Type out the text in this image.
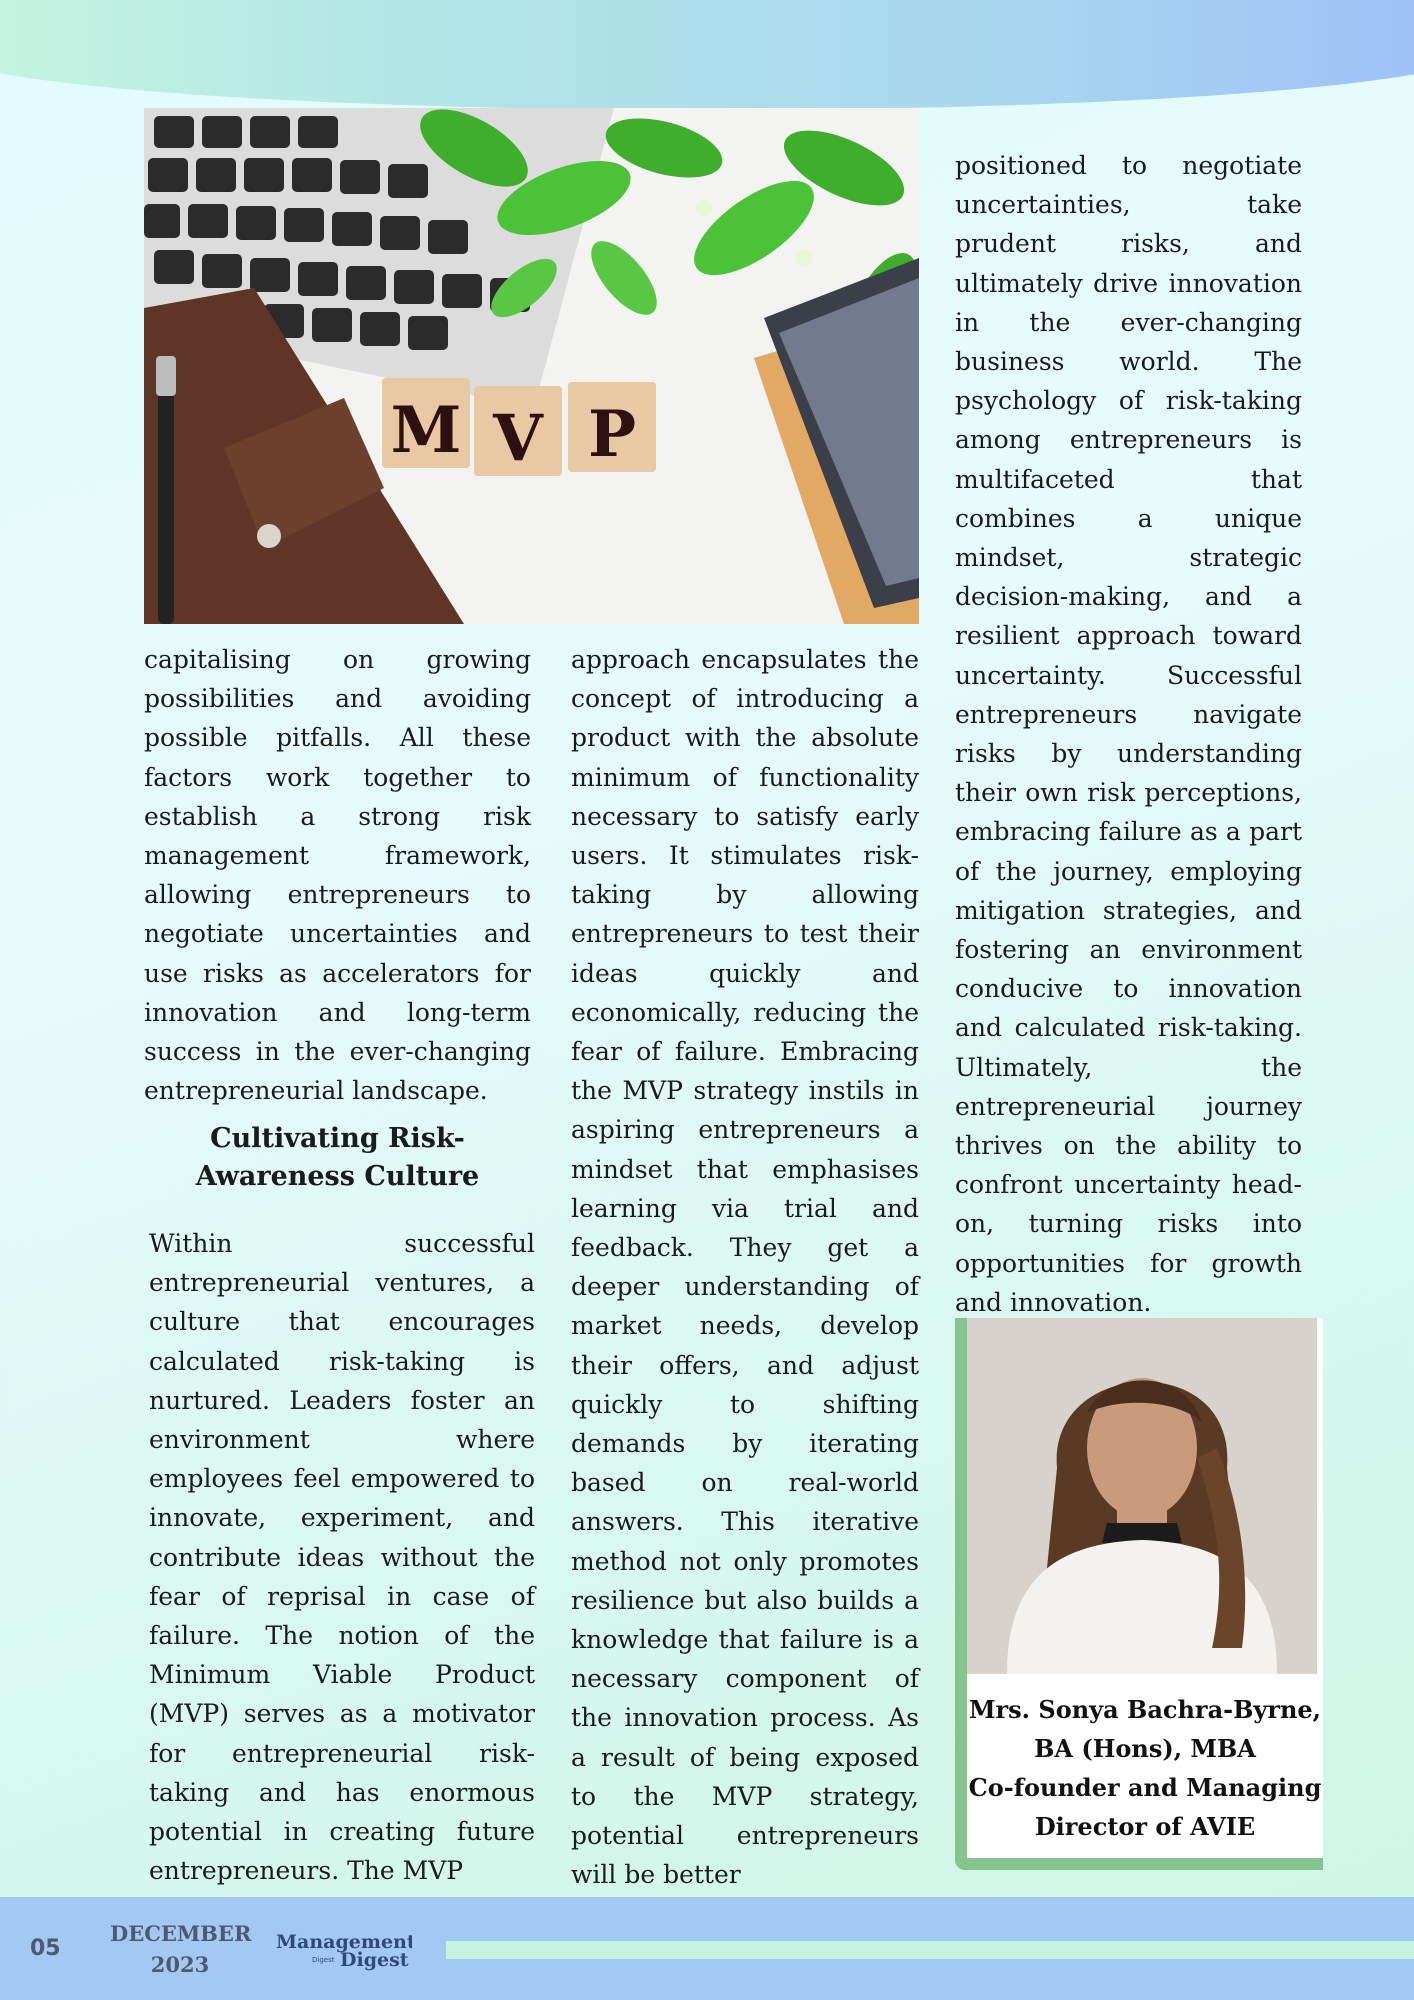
M V P

capitalising on growing possibilities and avoiding possible pitfalls. All these factors work together to establish a strong risk management framework, allowing entrepreneurs to negotiate uncertainties and use risks as accelerators for innovation and long-term success in the ever-changing entrepreneurial landscape.

Cultivating Risk-
Awareness Culture

Within successful entrepreneurial ventures, a culture that encourages calculated risk-taking is nurtured. Leaders foster an environment where employees feel empowered to innovate, experiment, and contribute ideas without the fear of reprisal in case of failure. The notion of the Minimum Viable Product (MVP) serves as a motivator for entrepreneurial risk-taking and has enormous potential in creating future entrepreneurs. The MVP

approach encapsulates the concept of introducing a product with the absolute minimum of functionality necessary to satisfy early users. It stimulates risk-taking by allowing entrepreneurs to test their ideas quickly and economically, reducing the fear of failure. Embracing the MVP strategy instils in aspiring entrepreneurs a mindset that emphasises learning via trial and feedback. They get a deeper understanding of market needs, develop their offers, and adjust quickly to shifting demands by iterating based on real-world answers. This iterative method not only promotes resilience but also builds a knowledge that failure is a necessary component of the innovation process. As a result of being exposed to the MVP strategy, potential entrepreneurs will be better

positioned to negotiate uncertainties, take prudent risks, and ultimately drive innovation in the ever-changing business world. The psychology of risk-taking among entrepreneurs is multifaceted that combines a unique mindset, strategic decision-making, and a resilient approach toward uncertainty. Successful entrepreneurs navigate risks by understanding their own risk perceptions, embracing failure as a part of the journey, employing mitigation strategies, and fostering an environment conducive to innovation and calculated risk-taking. Ultimately, the entrepreneurial journey thrives on the ability to confront uncertainty head-on, turning risks into opportunities for growth and innovation.

Mrs. Sonya Bachra-Byrne,
BA (Hons), MBA
Co-founder and Managing
Director of AVIE
05
DECEMBER
2023
Management
Digest Digest
